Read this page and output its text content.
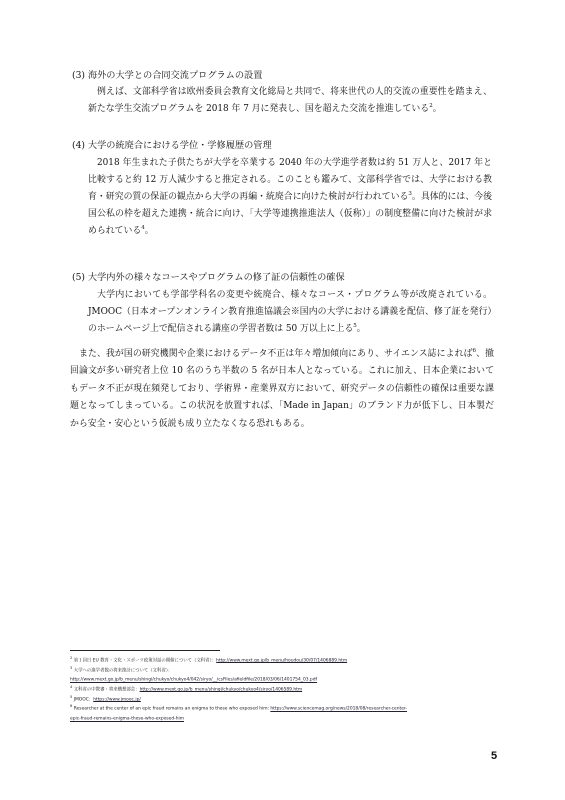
(3) 海外の大学との合同交流プログラムの設置
例えば、文部科学省は欧州委員会教育文化総局と共同で、将来世代の人的交流の重要性を踏まえ、新たな学生交流プログラムを 2018 年 7 月に発表し、国を超えた交流を推進している$^2$。
(4) 大学の統廃合における学位・学修履歴の管理
2018 年生まれた子供たちが大学を卒業する 2040 年の大学進学者数は約 51 万人と、2017 年と比較すると約 12 万人減少すると推定される。このことも鑑みて、文部科学省では、大学における教育・研究の質の保証の観点から大学の再編・統廃合に向けた検討が行われている$^3$。具体的には、今後国公私の枠を超えた連携・統合に向け、「大学等連携推進法人（仮称）」の制度整備に向けた検討が求められている$^4$。
(5) 大学内外の様々なコースやプログラムの修了証の信頼性の確保
大学内においても学部学科名の変更や統廃合、様々なコース・プログラム等が改廃されている。JMOOC（日本オープンオンライン教育推進協議会※国内の大学における講義を配信、修了証を発行）のホームページ上で配信される講座の学習者数は 50 万以上に上る$^5$。
また、我が国の研究機関や企業におけるデータ不正は年々増加傾向にあり、サイエンス誌によれば$^6$、撤回論文が多い研究者上位 10 名のうち半数の 5 名が日本人となっている。これに加え、日本企業においてもデータ不正が現在頻発しており、学術界・産業界双方において、研究データの信頼性の確保は重要な課題となってしまっている。この状況を放置すれば、「Made in Japan」のブランド力が低下し、日本製だから安全・安心という仮説も成り立たなくなる恐れもある。
$^2$ 第１回日 EU 教育・文化・スポーツ政策対話の開催について（文科省）：http://www.mext.go.jp/b_menu/houdou/30/07/1406889.htm
$^3$ 大学への進学者数の将来推計について（文科省）：
http://www.mext.go.jp/b_menu/shingi/chukyo/chukyo4/042/siryo/__icsFiles/afieldfile/2018/03/06/1401754_03.pdf
$^4$ 文科省の中教審・将来構想部会：http://www.mext.go.jp/b_menu/shingi/chukyo/chukyo4/siryo/1406589.htm
$^5$ JMOOC：https://www.jmooc.jp/
$^6$ Researcher at the center of an epic fraud remains an enigma to those who exposed him: https://www.sciencemag.org/news/2018/08/researcher-center-
epic-fraud-remains-enigma-those-who-exposed-him
5
